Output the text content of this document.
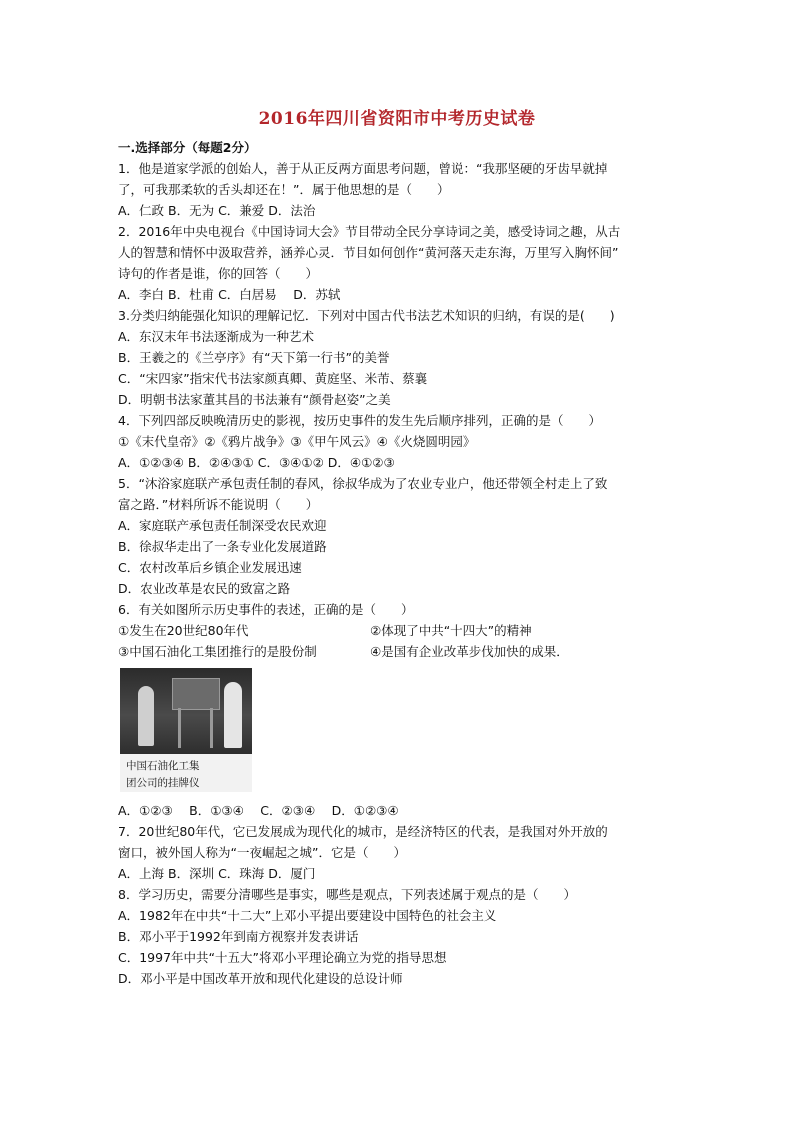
2016年四川省资阳市中考历史试卷
一.选择部分（每题2分）
1．他是道家学派的创始人，善于从正反两方面思考问题，曾说：“我那坚硬的牙齿早就掉
了，可我那柔软的舌头却还在！”．属于他思想的是（　　）
A．仁政 B．无为 C．兼爱 D．法治
2．2016年中央电视台《中国诗词大会》节目带动全民分享诗词之美，感受诗词之趣，从古
人的智慧和情怀中汲取营养，涵养心灵．节目如何创作“黄河落天走东海，万里写入胸怀间”
诗句的作者是谁，你的回答（　　）
A．李白 B．杜甫 C．白居易　 D．苏轼
3.分类归纳能强化知识的理解记忆．下列对中国古代书法艺术知识的归纳，有误的是(　　)
A．东汉末年书法逐渐成为一种艺术
B．王羲之的《兰亭序》有“天下第一行书”的美誉
C．“宋四家”指宋代书法家颜真卿、黄庭坚、米芾、蔡襄
D．明朝书法家董其昌的书法兼有“颜骨赵姿”之美
4．下列四部反映晚清历史的影视，按历史事件的发生先后顺序排列，正确的是（　　）
①《末代皇帝》②《鸦片战争》③《甲午风云》④《火烧圆明园》
A．①②③④ B．②④③① C．③④①② D．④①②③
5．“沐浴家庭联产承包责任制的春风，徐叔华成为了农业专业户，他还带领全村走上了致
富之路．”材料所诉不能说明（　　）
A．家庭联产承包责任制深受农民欢迎
B．徐叔华走出了一条专业化发展道路
C．农村改革后乡镇企业发展迅速
D．农业改革是农民的致富之路
6．有关如图所示历史事件的表述，正确的是（　　）
①发生在20世纪80年代	②体现了中共“十四大”的精神
③中国石油化工集团推行的是股份制	④是国有企业改革步伐加快的成果．
中国石油化工集
团公司的挂牌仪
A．①②③　 B．①③④　 C．②③④　 D．①②③④
7．20世纪80年代，它已发展成为现代化的城市，是经济特区的代表，是我国对外开放的
窗口，被外国人称为“一夜崛起之城”．它是（　　）
A．上海 B．深圳 C．珠海 D．厦门
8．学习历史，需要分清哪些是事实，哪些是观点，下列表述属于观点的是（　　）
A．1982年在中共“十二大”上邓小平提出要建设中国特色的社会主义
B．邓小平于1992年到南方视察并发表讲话
C．1997年中共“十五大”将邓小平理论确立为党的指导思想
D．邓小平是中国改革开放和现代化建设的总设计师
